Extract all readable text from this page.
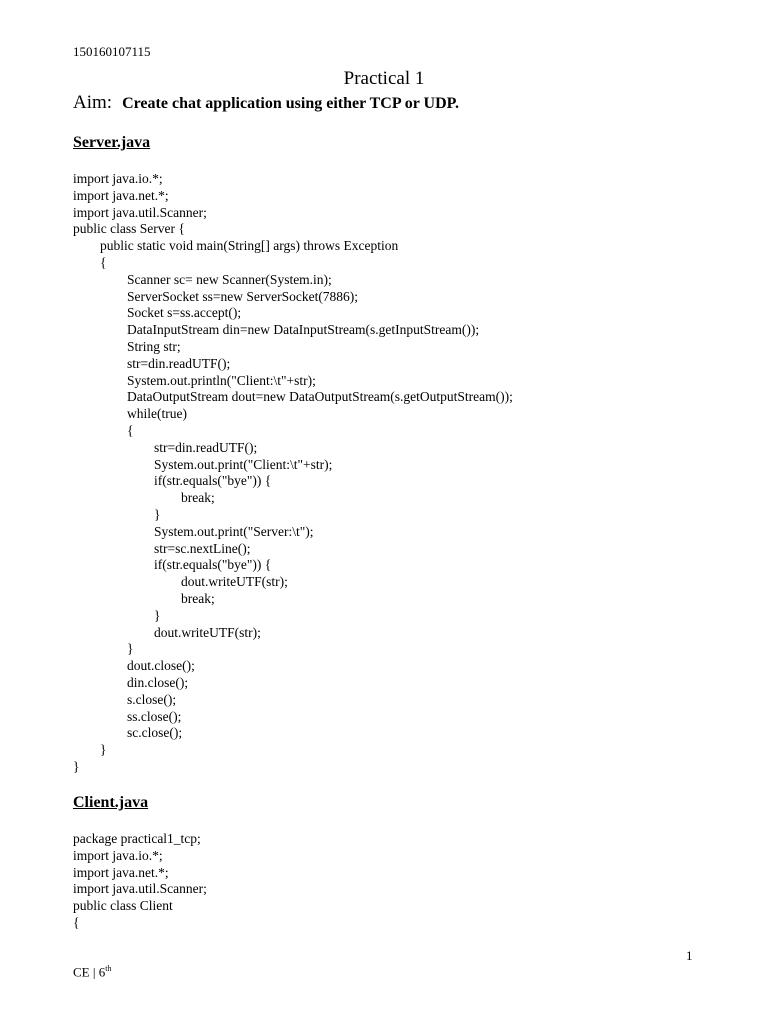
150160107115
Practical 1
Aim: Create chat application using either TCP or UDP.
Server.java
import java.io.*;
import java.net.*;
import java.util.Scanner;
public class Server {
public static void main(String[] args) throws Exception
{
Scanner sc= new Scanner(System.in);
ServerSocket ss=new ServerSocket(7886);
Socket s=ss.accept();
DataInputStream din=new DataInputStream(s.getInputStream());
String str;
str=din.readUTF();
System.out.println("Client:\t"+str);
DataOutputStream dout=new DataOutputStream(s.getOutputStream());
while(true)
{
str=din.readUTF();
System.out.print("Client:\t"+str);
if(str.equals("bye")) {
break;
}
System.out.print("Server:\t");
str=sc.nextLine();
if(str.equals("bye")) {
dout.writeUTF(str);
break;
}
dout.writeUTF(str);
}
dout.close();
din.close();
s.close();
ss.close();
sc.close();
}
}
Client.java
package practical1_tcp;
import java.io.*;
import java.net.*;
import java.util.Scanner;
public class Client
{
1
CE | 6th
